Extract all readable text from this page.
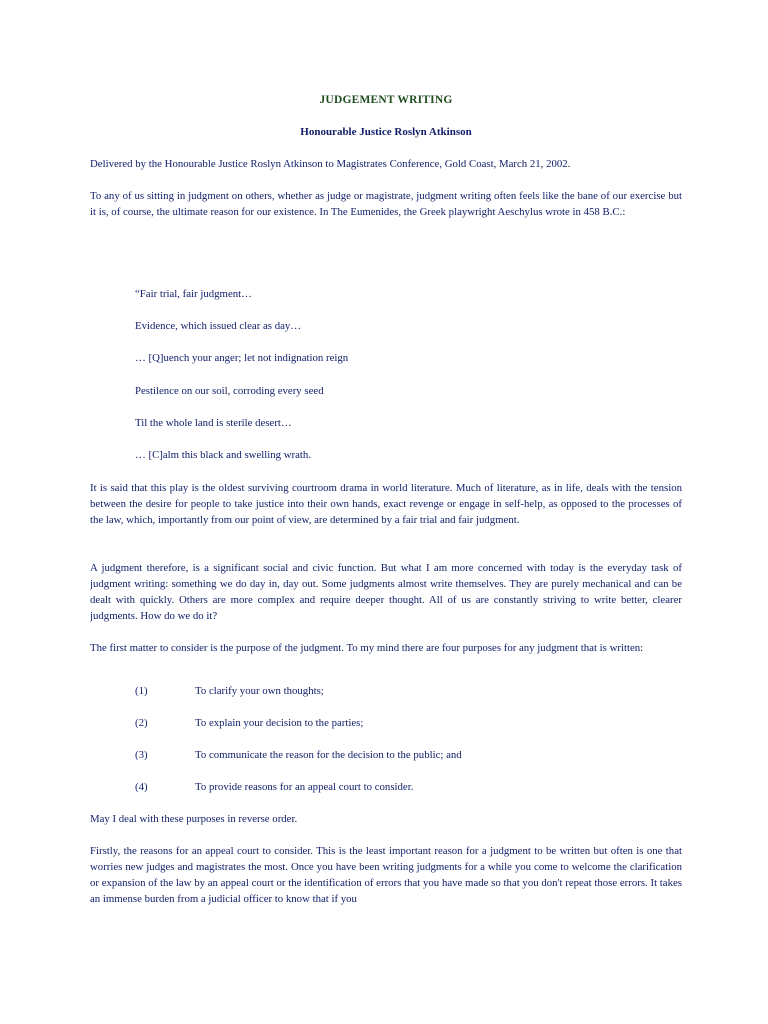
JUDGEMENT WRITING
Honourable Justice Roslyn Atkinson

Delivered by the Honourable Justice Roslyn Atkinson to Magistrates Conference, Gold Coast, March 21, 2002.

To any of us sitting in judgment on others, whether as judge or magistrate, judgment writing often feels like the bane of our exercise but it is, of course, the ultimate reason for our existence. In The Eumenides, the Greek playwright Aeschylus wrote in 458 B.C.:

“Fair trial, fair judgment…

Evidence, which issued clear as day…

… [Q]uench your anger; let not indignation reign

Pestilence on our soil, corroding every seed

Til the whole land is sterile desert…

… [C]alm this black and swelling wrath.

It is said that this play is the oldest surviving courtroom drama in world literature. Much of literature, as in life, deals with the tension between the desire for people to take justice into their own hands, exact revenge or engage in self-help, as opposed to the processes of the law, which, importantly from our point of view, are determined by a fair trial and fair judgment.

A judgment therefore, is a significant social and civic function. But what I am more concerned with today is the everyday task of judgment writing: something we do day in, day out. Some judgments almost write themselves. They are purely mechanical and can be dealt with quickly. Others are more complex and require deeper thought. All of us are constantly striving to write better, clearer judgments. How do we do it?

The first matter to consider is the purpose of the judgment. To my mind there are four purposes for any judgment that is written:

(1)	To clarify your own thoughts;
(2)	To explain your decision to the parties;
(3)	To communicate the reason for the decision to the public; and
(4)	To provide reasons for an appeal court to consider.

May I deal with these purposes in reverse order.

Firstly, the reasons for an appeal court to consider. This is the least important reason for a judgment to be written but often is one that worries new judges and magistrates the most. Once you have been writing judgments for a while you come to welcome the clarification or expansion of the law by an appeal court or the identification of errors that you have made so that you don't repeat those errors. It takes an immense burden from a judicial officer to know that if you
